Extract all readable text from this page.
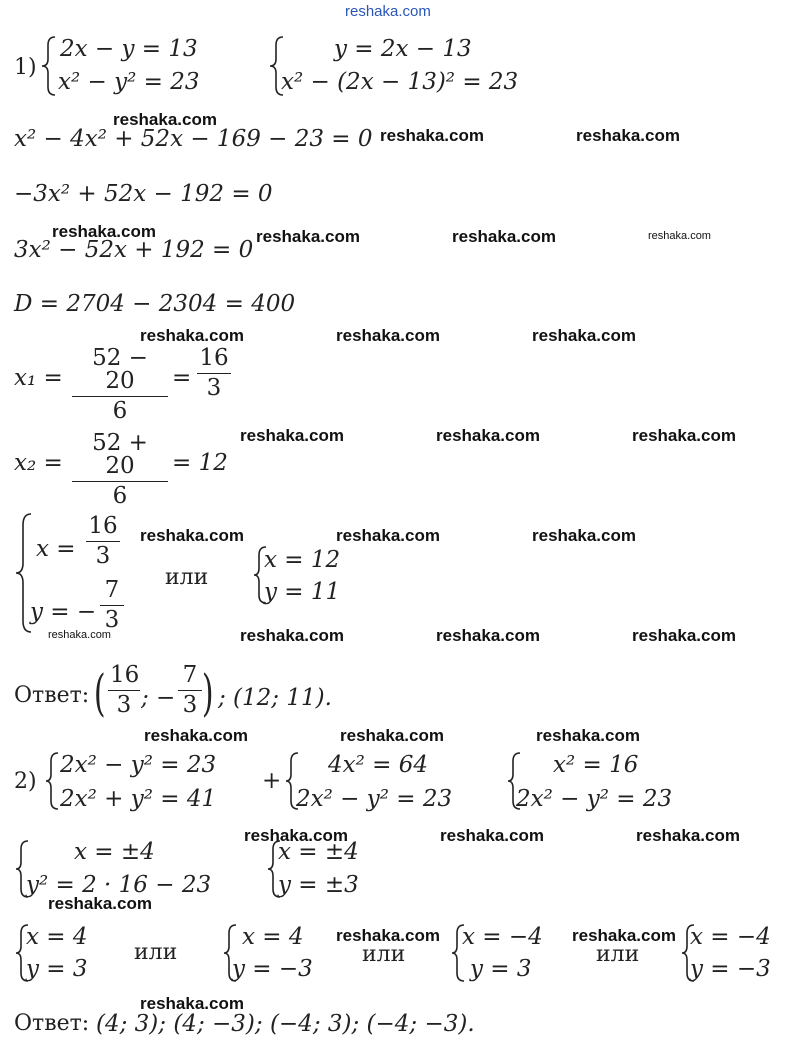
reshaka.com
1)
2x − y = 13
x² − y² = 23
y = 2x − 13
x² − (2x − 13)² = 23
reshaka.com
x² − 4x² + 52x − 169 − 23 = 0 reshaka.com	reshaka.com
−3x² + 52x − 192 = 0
reshaka.com
3x² − 52x + 192 = 0
reshaka.com	reshaka.com	reshaka.com
D = 2704 − 2304 = 400
reshaka.com	reshaka.com	reshaka.com
x₁ =
52 − 20
6
=
16
3
x₂ =
52 + 20
6
= 12
reshaka.com	reshaka.com	reshaka.com
x =
16
3
y = −
7
3
reshaka.com
reshaka.com
или
x = 12
y = 11
reshaka.com	reshaka.com
reshaka.com	reshaka.com	reshaka.com
Ответ: ( 16
3 ; −
7
3 ) ; (12; 11).
reshaka.com	reshaka.com	reshaka.com
2)
2x² − y² = 23
2x² + y² = 41
+
4x² = 64
2x² − y² = 23
x² = 16
2x² − y² = 23
reshaka.com	reshaka.com	reshaka.com
x = ±4
y² = 2 · 16 − 23
x = ±4
y = ±3
reshaka.com
x = 4
y = 3
или
x = 4
y = −3
reshaka.com
или
x = −4
y = 3
reshaka.com
или
x = −4
y = −3
reshaka.com
Ответ: (4; 3); (4; −3); (−4; 3); (−4; −3).
